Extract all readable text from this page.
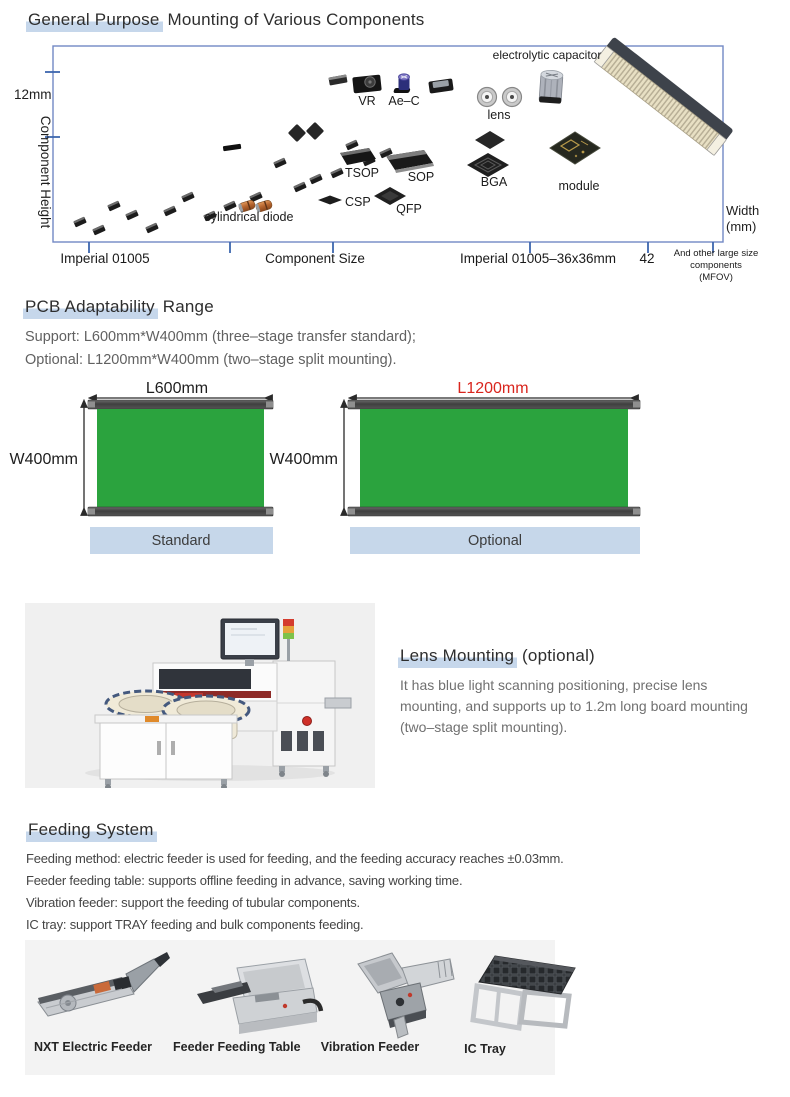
General Purpose Mounting of Various Components
12mm
Component Height	Width
(mm)
Imperial 01005	Component Size	Imperial 01005–36x36mm 42 And other large size
components
(MFOV)
VR Ae–C
lens
electrolytic capacitor
TSOP SOP	BGA	module
CSP QFP
cylindrical diode
PCB Adaptability Range
Support: L600mm*W400mm (three–stage transfer standard);
Optional: L1200mm*W400mm (two–stage split mounting).
L600mm
W400mm
Standard
L1200mm
W400mm
Optional
Lens Mounting (optional)
It has blue light scanning positioning, precise lens mounting, and supports up to 1.2m long board mounting (two–stage split mounting).
Feeding System
Feeding method: electric feeder is used for feeding, and the feeding accuracy reaches ±0.03mm.
Feeder feeding table: supports offline feeding in advance, saving working time.
Vibration feeder: support the feeding of tubular components.
IC tray: support TRAY feeding and bulk components feeding.
NXT Electric Feeder Feeder Feeding Table	Vibration Feeder	IC Tray
